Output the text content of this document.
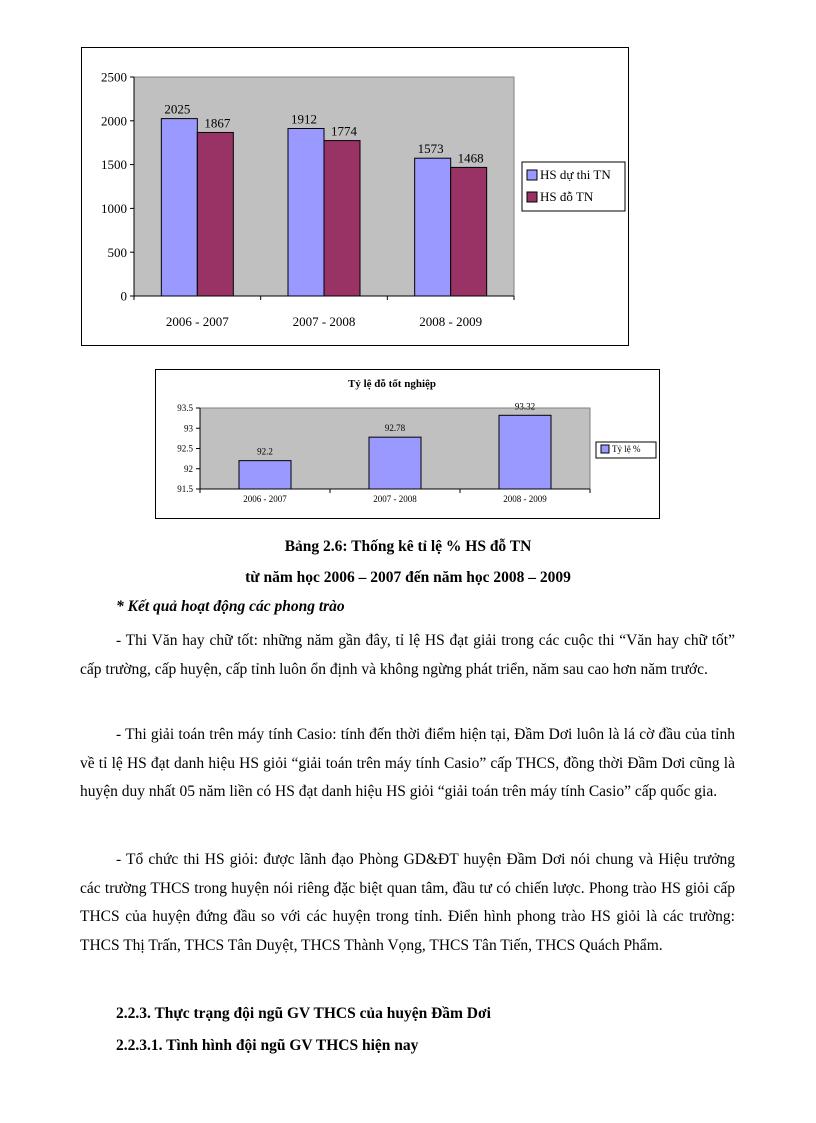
0
500
1000
1500
2000
2500
2006 - 2007
2025
1867
2007 - 2008
1912
1774
2008 - 2009
1573
1468
HS dự thi TN
HS đỗ TN
Tỷ lệ đỗ tốt nghiệp
91.5
92
92.5
93
93.5
2006 - 2007
92.2
2007 - 2008
92.78
2008 - 2009
93.32
Tỷ lệ %
Bảng 2.6: Thống kê tỉ lệ % HS đỗ TN
từ năm học 2006 – 2007 đến năm học 2008 – 2009
* Kết quả hoạt động các phong trào
- Thi Văn hay chữ tốt: những năm gần đây, tỉ lệ HS đạt giải trong các cuộc thi “Văn hay chữ tốt” cấp trường, cấp huyện, cấp tỉnh luôn ổn định và không ngừng phát triển, năm sau cao hơn năm trước.
- Thi giải toán trên máy tính Casio: tính đến thời điểm hiện tại, Đầm Dơi luôn là lá cờ đầu của tỉnh về tỉ lệ HS đạt danh hiệu HS giỏi “giải toán trên máy tính Casio” cấp THCS, đồng thời Đầm Dơi cũng là huyện duy nhất 05 năm liền có HS đạt danh hiệu HS giỏi “giải toán trên máy tính Casio” cấp quốc gia.
- Tổ chức thi HS giỏi: được lãnh đạo Phòng GD&ĐT huyện Đầm Dơi nói chung và Hiệu trưởng các trường THCS trong huyện nói riêng đặc biệt quan tâm, đầu tư có chiến lược. Phong trào HS giỏi cấp THCS của huyện đứng đầu so với các huyện trong tỉnh. Điển hình phong trào HS giỏi là các trường: THCS Thị Trấn, THCS Tân Duyệt, THCS Thành Vọng, THCS Tân Tiến, THCS Quách Phẩm.
2.2.3. Thực trạng đội ngũ GV THCS của huyện Đầm Dơi
2.2.3.1. Tình hình đội ngũ GV THCS hiện nay
